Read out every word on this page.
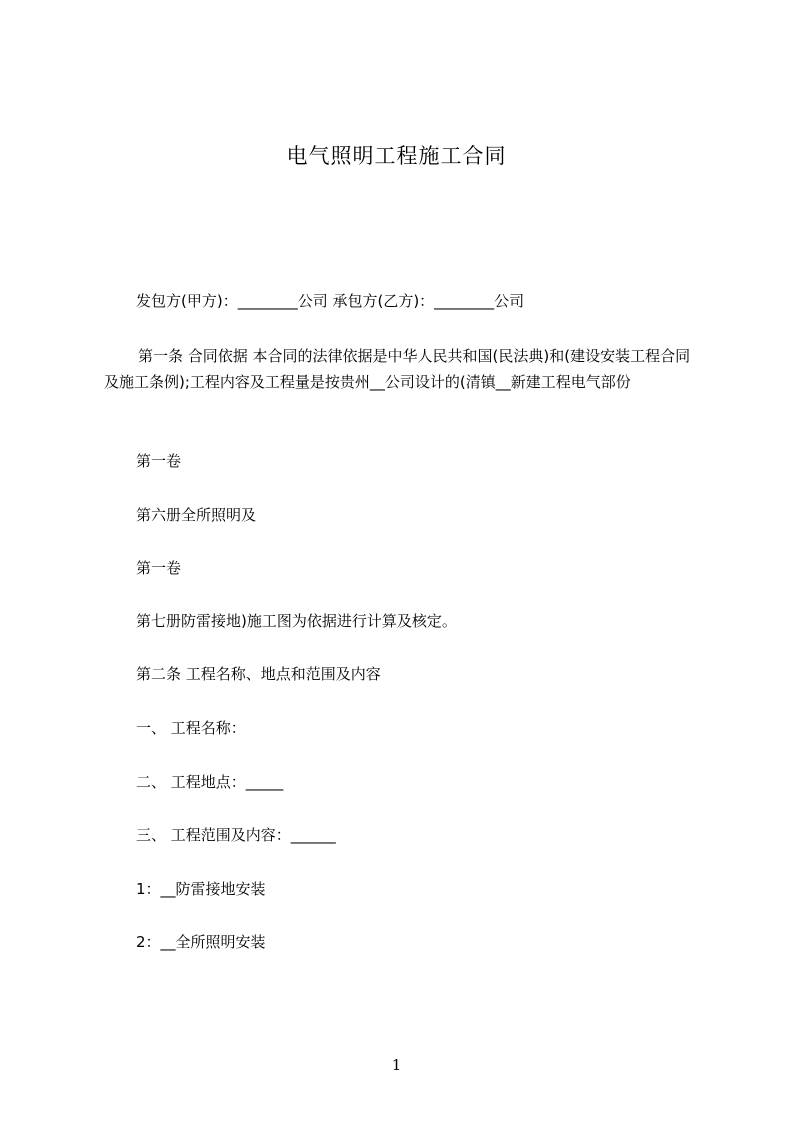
电气照明工程施工合同
发包方(甲方)：________公司 承包方(乙方)：________公司
第一条 合同依据 本合同的法律依据是中华人民共和国(民法典)和(建设安装工程合同及施工条例);工程内容及工程量是按贵州__公司设计的(清镇__新建工程电气部份
第一卷
第六册全所照明及
第一卷
第七册防雷接地)施工图为依据进行计算及核定。
第二条 工程名称、地点和范围及内容
一、 工程名称：
二、 工程地点：_____
三、 工程范围及内容：______
1：__防雷接地安装
2：__全所照明安装
1
